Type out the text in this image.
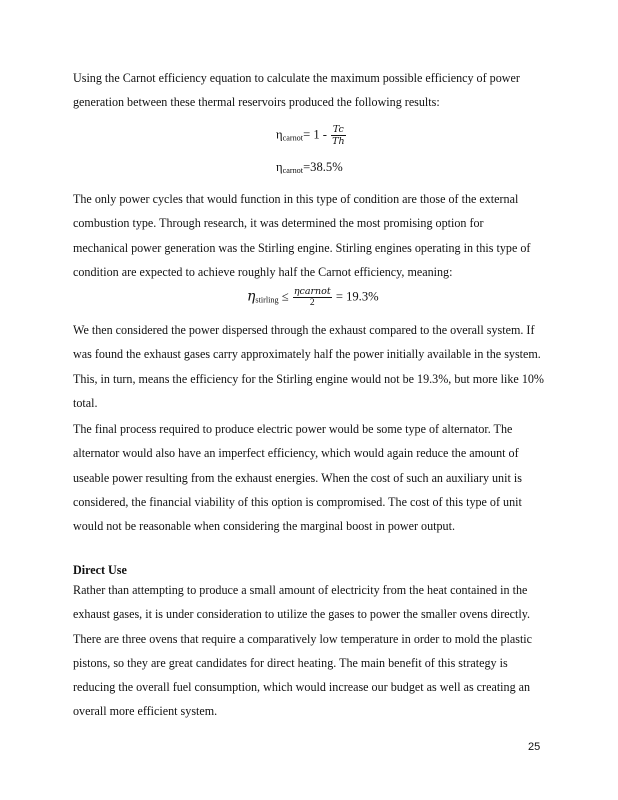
Using the Carnot efficiency equation to calculate the maximum possible efficiency of power
generation between these thermal reservoirs produced the following results:
$\eta_{carnot}= 1 - \frac{Tc}{Th}$
$\eta_{carnot}=38.5\%$
The only power cycles that would function in this type of condition are those of the external
combustion type. Through research, it was determined the most promising option for
mechanical power generation was the Stirling engine. Stirling engines operating in this type of
condition are expected to achieve roughly half the Carnot efficiency, meaning:
$\eta_{stirling} \le \frac{\text{ηcarnot}}{2} = 19.3\%$
We then considered the power dispersed through the exhaust compared to the overall system. If
was found the exhaust gases carry approximately half the power initially available in the system.
This, in turn, means the efficiency for the Stirling engine would not be 19.3%, but more like 10%
total.
The final process required to produce electric power would be some type of alternator. The
alternator would also have an imperfect efficiency, which would again reduce the amount of
useable power resulting from the exhaust energies. When the cost of such an auxiliary unit is
considered, the financial viability of this option is compromised. The cost of this type of unit
would not be reasonable when considering the marginal boost in power output.
Direct Use
Rather than attempting to produce a small amount of electricity from the heat contained in the
exhaust gases, it is under consideration to utilize the gases to power the smaller ovens directly.
There are three ovens that require a comparatively low temperature in order to mold the plastic
pistons, so they are great candidates for direct heating. The main benefit of this strategy is
reducing the overall fuel consumption, which would increase our budget as well as creating an
overall more efficient system.
25
